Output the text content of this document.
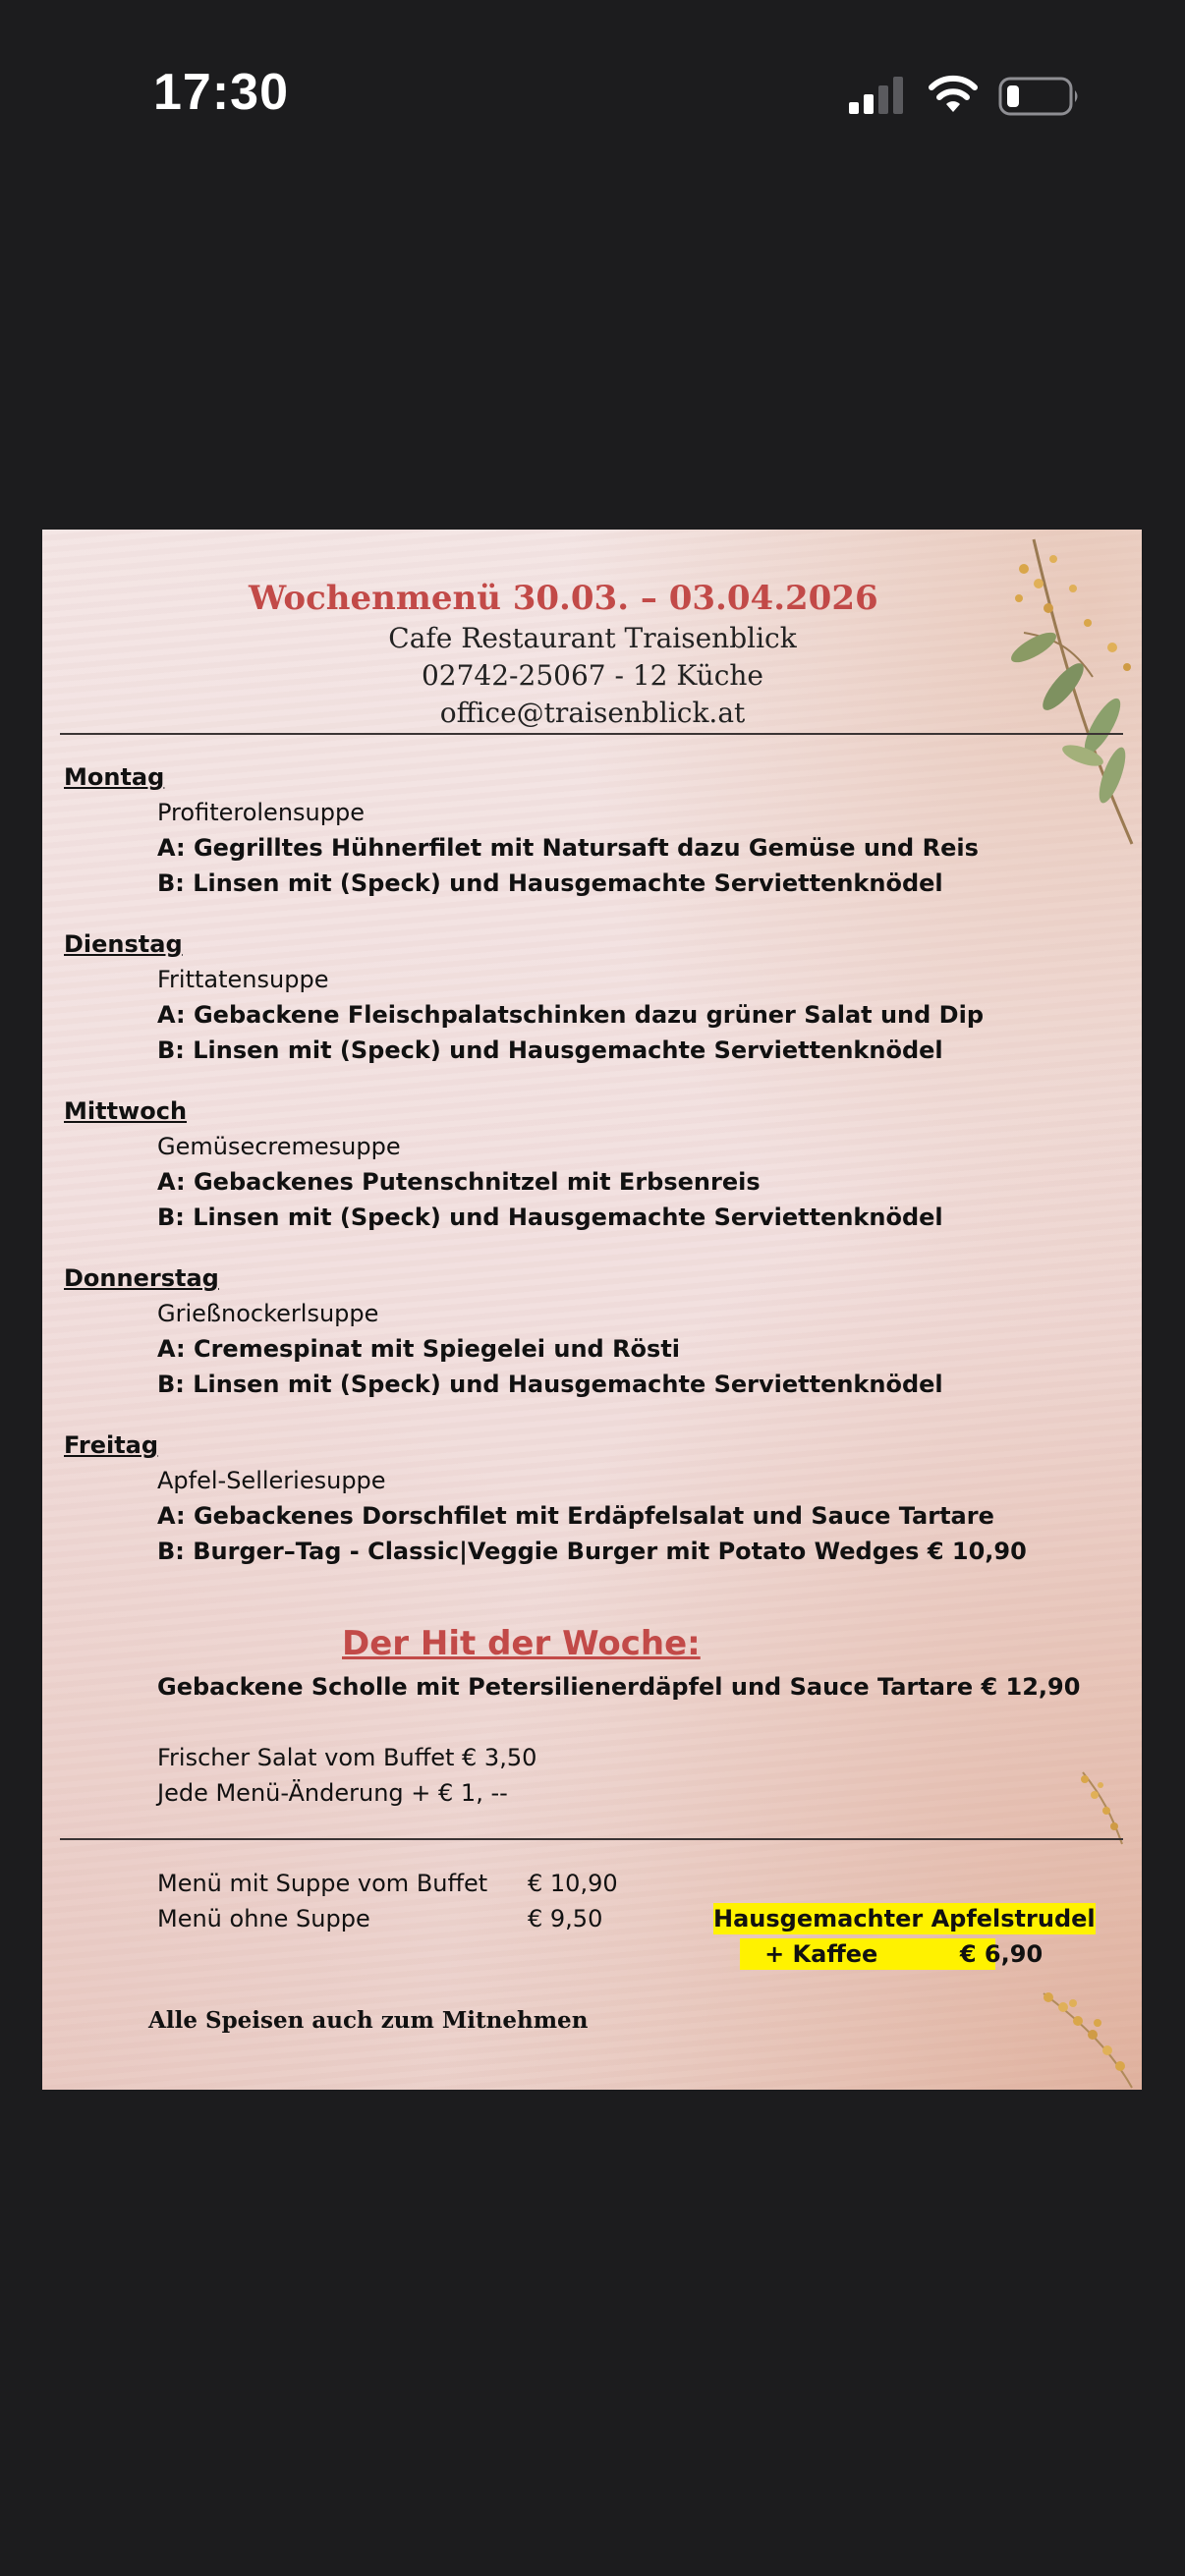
17:30
Wochenmenü 30.03. – 03.04.2026
Cafe Restaurant Traisenblick
02742-25067 - 12 Küche
office@traisenblick.at
Montag
Profiterolensuppe
A: Gegrilltes Hühnerfilet mit Natursaft dazu Gemüse und Reis
B: Linsen mit (Speck) und Hausgemachte Serviettenknödel
Dienstag
Frittatensuppe
A: Gebackene Fleischpalatschinken dazu grüner Salat und Dip
B: Linsen mit (Speck) und Hausgemachte Serviettenknödel
Mittwoch
Gemüsecremesuppe
A: Gebackenes Putenschnitzel mit Erbsenreis
B: Linsen mit (Speck) und Hausgemachte Serviettenknödel
Donnerstag
Grießnockerlsuppe
A: Cremespinat mit Spiegelei und Rösti
B: Linsen mit (Speck) und Hausgemachte Serviettenknödel
Freitag
Apfel-Selleriesuppe
A: Gebackenes Dorschfilet mit Erdäpfelsalat und Sauce Tartare
B: Burger–Tag - Classic|Veggie Burger mit Potato Wedges € 10,90
Der Hit der Woche:
Gebackene Scholle mit Petersilienerdäpfel und Sauce Tartare € 12,90
Frischer Salat vom Buffet € 3,50
Jede Menü-Änderung + € 1, --
Menü mit Suppe vom Buffet € 10,90
Menü ohne Suppe	€ 9,50	Hausgemachter Apfelstrudel
+ Kaffee          € 6,90
Alle Speisen auch zum Mitnehmen
